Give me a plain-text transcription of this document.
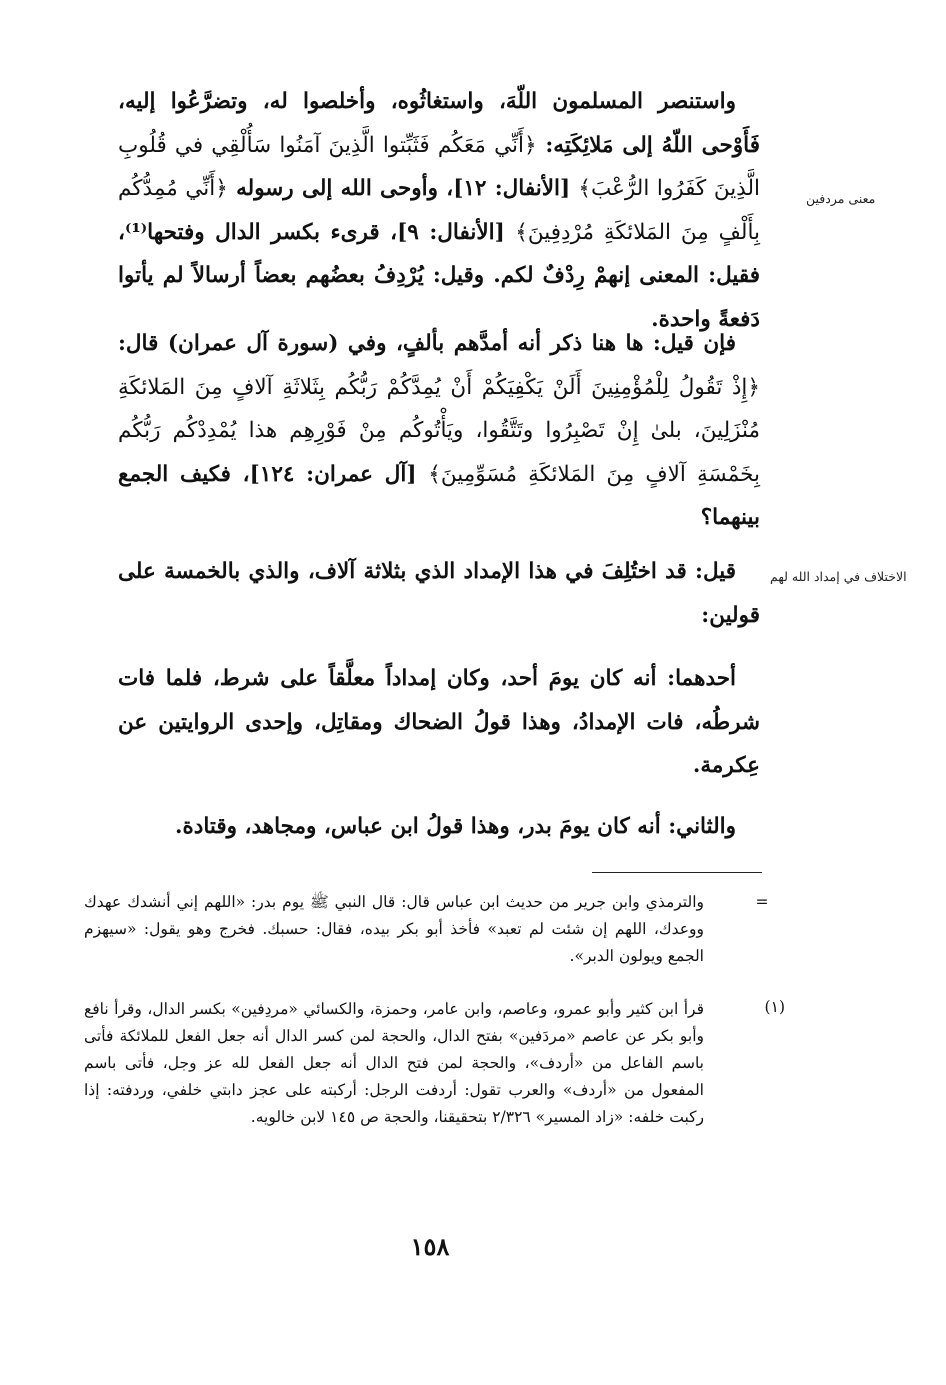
معنى مردفين
الاختلاف في إمداد الله لهم

واستنصر المسلمون اللّهَ، واستغاثُوه، وأخلصوا له، وتضرَّعُوا إليه، فَأَوْحى اللّهُ إلى مَلائِكَتِه: ﴿أَنِّي مَعَكُم فَثَبِّتوا الَّذِينَ آمَنُوا سَأُلْقِي في قُلُوبِ الَّذِينَ كَفَرُوا الرُّعْبَ﴾ [الأنفال: ١٢]، وأوحى الله إلى رسوله ﴿أَنِّي مُمِدُّكُم بِأَلْفٍ مِنَ المَلائكَةِ مُرْدِفِينَ﴾ [الأنفال: ٩]، قرىء بكسر الدال وفتحها⁽¹⁾، فقيل: المعنى إنهمْ رِدْفٌ لكم. وقيل: يُرْدِفُ بعضُهم بعضاً أرسالاً لم يأتوا دَفعةً واحدة.

فإن قيل: ها هنا ذكر أنه أمدَّهم بألفٍ، وفي (سورة آل عمران) قال: ﴿إِذْ تَقُولُ لِلْمُؤْمِنِينَ أَلَنْ يَكْفِيَكُمْ أَنْ يُمِدَّكُمْ رَبُّكُم بِثَلاثَةِ آلافٍ مِنَ المَلائكَةِ مُنْزَلِينَ، بلىٰ إِنْ تَصْبِرُوا وتَتَّقُوا، ويَأْتُوكُم مِنْ فَوْرِهِم هذا يُمْدِدْكُم رَبُّكُم بِخَمْسَةِ آلافٍ مِنَ المَلائكَةِ مُسَوِّمِينَ﴾ [آل عمران: ١٢٤]، فكيف الجمع بينهما؟

قيل: قد اختُلِفَ في هذا الإمداد الذي بثلاثة آلاف، والذي بالخمسة على قولين:

أحدهما: أنه كان يومَ أحد، وكان إمداداً معلَّقاً على شرط، فلما فات شرطُه، فات الإمدادُ، وهذا قولُ الضحاك ومقاتِل، وإحدى الروايتين عن عِكرمة.

والثاني: أنه كان يومَ بدر، وهذا قولُ ابن عباس، ومجاهد، وقتادة.

=

والترمذي وابن جرير من حديث ابن عباس قال: قال النبي ﷺ يوم بدر: «اللهم إني أنشدك عهدك ووعدك، اللهم إن شئت لم تعبد» فأخذ أبو بكر بيده، فقال: حسبك. فخرج وهو يقول: «سيهزم الجمع ويولون الدبر».

(١)

قرأ ابن كثير وأبو عمرو، وعاصم، وابن عامر، وحمزة، والكسائي «مردِفين» بكسر الدال، وقرأ نافع وأبو بكر عن عاصم «مردَفين» بفتح الدال، والحجة لمن كسر الدال أنه جعل الفعل للملائكة فأتى باسم الفاعل من «أردف»، والحجة لمن فتح الدال أنه جعل الفعل لله عز وجل، فأتى باسم المفعول من «أردف» والعرب تقول: أردفت الرجل: أركبته على عجز دابتي خلفي، وردفته: إذا ركبت خلفه: «زاد المسير» ٢/٣٢٦ بتحقيقنا، والحجة ص ١٤٥ لابن خالويه.

١٥٨
